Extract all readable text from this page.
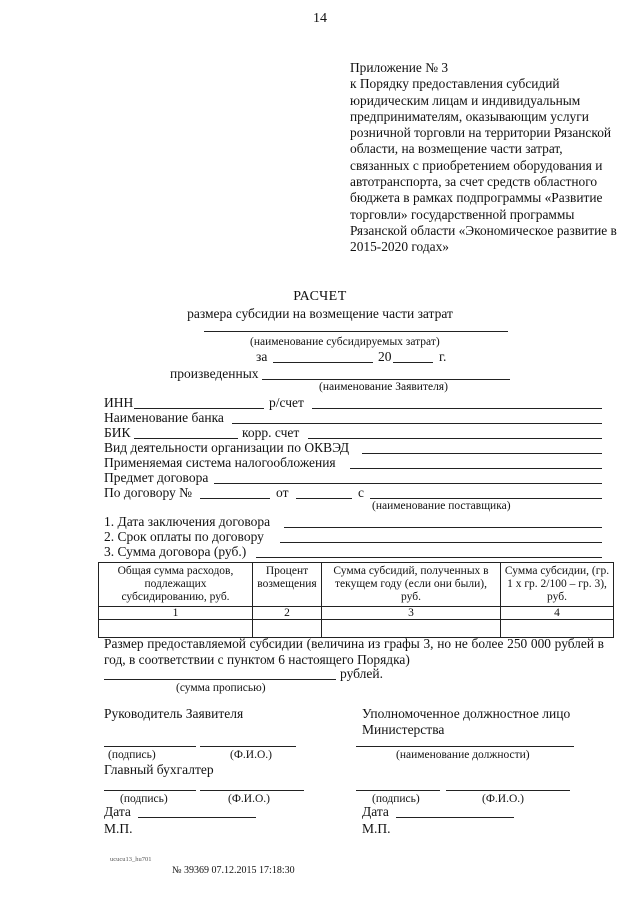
14
Приложение № 3
к Порядку предоставления субсидий юридическим лицам и индивидуальным предпринимателям, оказывающим услуги розничной торговли на территории Рязанской области, на возмещение части затрат, связанных с приобретением оборудования и автотранспорта, за счет средств областного бюджета в рамках подпрограммы «Развитие торговли» государственной программы Рязанской области «Экономическое развитие в 2015-2020 годах»
РАСЧЕТ
размера субсидии на возмещение части затрат
(наименование субсидируемых затрат)
за	20	г.
произведенных
(наименование Заявителя)
ИНН	р/счет
Наименование банка
БИК	корр. счет
Вид деятельности организации по ОКВЭД
Применяемая система налогообложения
Предмет договора
По договору №	от	с
(наименование поставщика)
1. Дата заключения договора
2. Срок оплаты по договору
3. Сумма договора (руб.)
Общая сумма расходов, подлежащих субсидированию, руб.	Процент возмещения	Сумма субсидий, полученных в текущем году (если они были), руб.	Сумма субсидии, (гр. 1 х гр. 2/100 – гр. 3), руб.
1	2	3	4

Размер предоставляемой субсидии (величина из графы 3, но не более 250 000 рублей в год, в соответствии с пунктом 6 настоящего Порядка)
рублей.
(сумма прописью)
Руководитель Заявителя	Уполномоченное должностное лицо
Министерства
(подпись)	(Ф.И.О.)	(наименование должности)
Главный бухгалтер
(подпись)	(Ф.И.О.)	(подпись)	(Ф.И.О.)
Дата	Дата
М.П.	М.П.
ucucu13_hu701
№ 39369 07.12.2015 17:18:30
